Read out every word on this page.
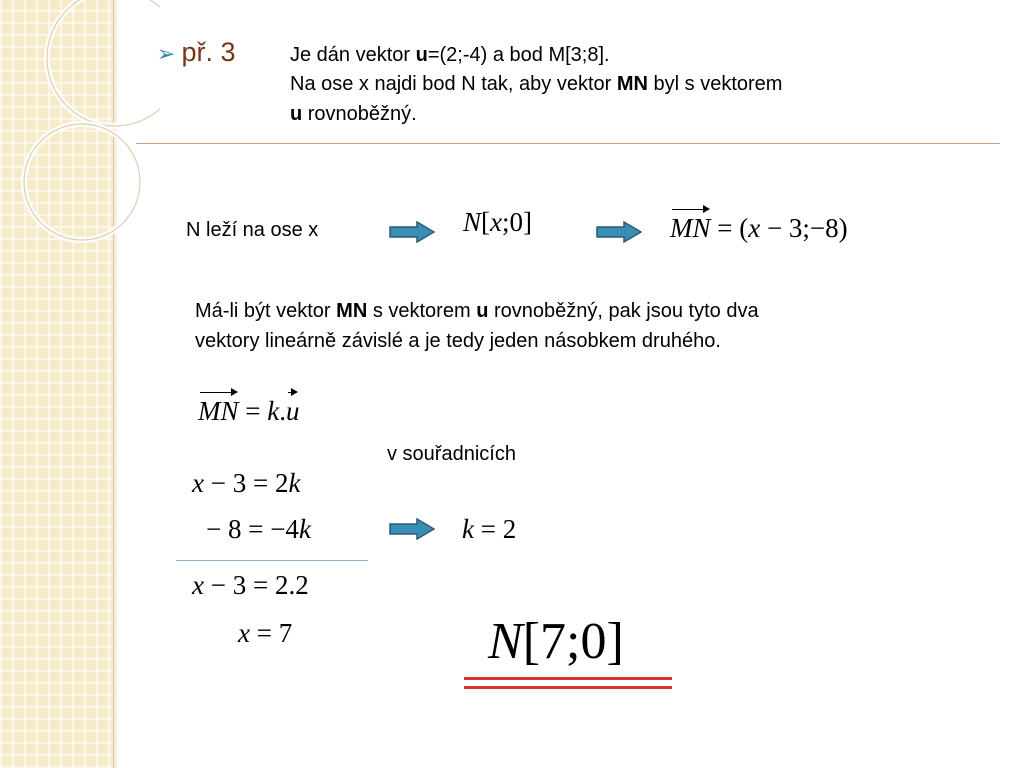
➢ př. 3	Je dán vektor u=(2;-4) a bod M[3;8].
Na ose x najdi bod N tak, aby vektor MN byl s vektorem
u rovnoběžný.
N leží na ose x	N[x;0]	MN = (x − 3;−8)
Má-li být vektor MN s vektorem u rovnoběžný, pak jsou tyto dva
vektory lineárně závislé a je tedy jeden násobkem druhého.
MN = k.u
v souřadnicích
x − 3 = 2k
− 8 = −4k	k = 2
x − 3 = 2.2
x = 7	N[7;0]
